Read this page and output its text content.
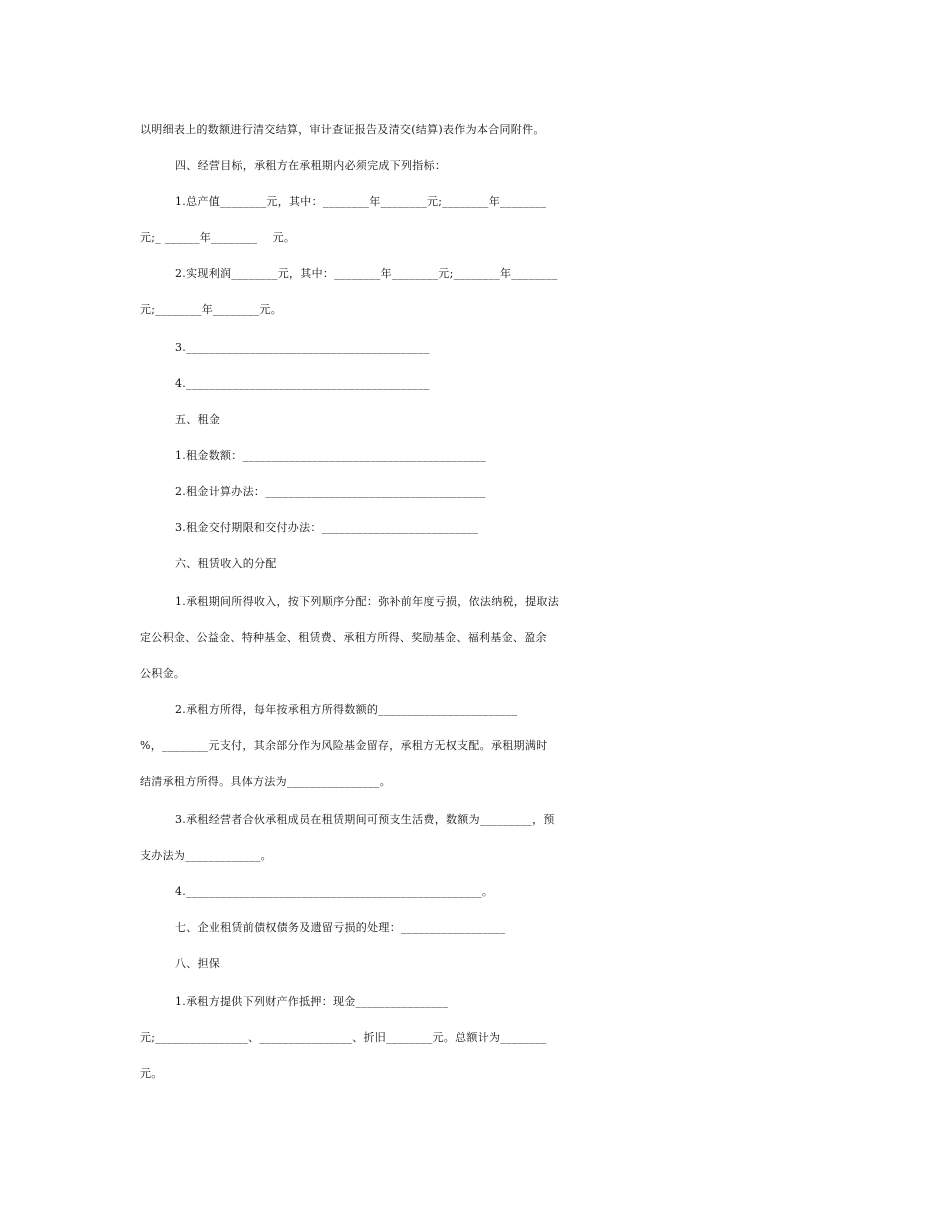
以明细表上的数额进行清交结算，审计查证报告及清交(结算)表作为本合同附件。
四、经营目标，承租方在承租期内必须完成下列指标：
1.总产值________元，其中：________年________元;________年________
元;_ ______年________    元。
2.实现利润________元，其中：________年________元;________年________
元;________年________元。
3.__________________________________________
4.__________________________________________
五、租金
1.租金数额：__________________________________________
2.租金计算办法：______________________________________
3.租金交付期限和交付办法：___________________________
六、租赁收入的分配
1.承租期间所得收入，按下列顺序分配：弥补前年度亏损，依法纳税，提取法
定公积金、公益金、特种基金、租赁费、承租方所得、奖励基金、福利基金、盈余
公积金。
2.承租方所得，每年按承租方所得数额的________________________
%，________元支付，其余部分作为风险基金留存，承租方无权支配。承租期满时
结清承租方所得。具体方法为________________。
3.承租经营者合伙承租成员在租赁期间可预支生活费，数额为_________，预
支办法为_____________。
4.___________________________________________________。
七、企业租赁前债权债务及遗留亏损的处理：__________________
八、担保
1.承租方提供下列财产作抵押：现金________________
元;________________、________________、折旧________元。总额计为________
元。
